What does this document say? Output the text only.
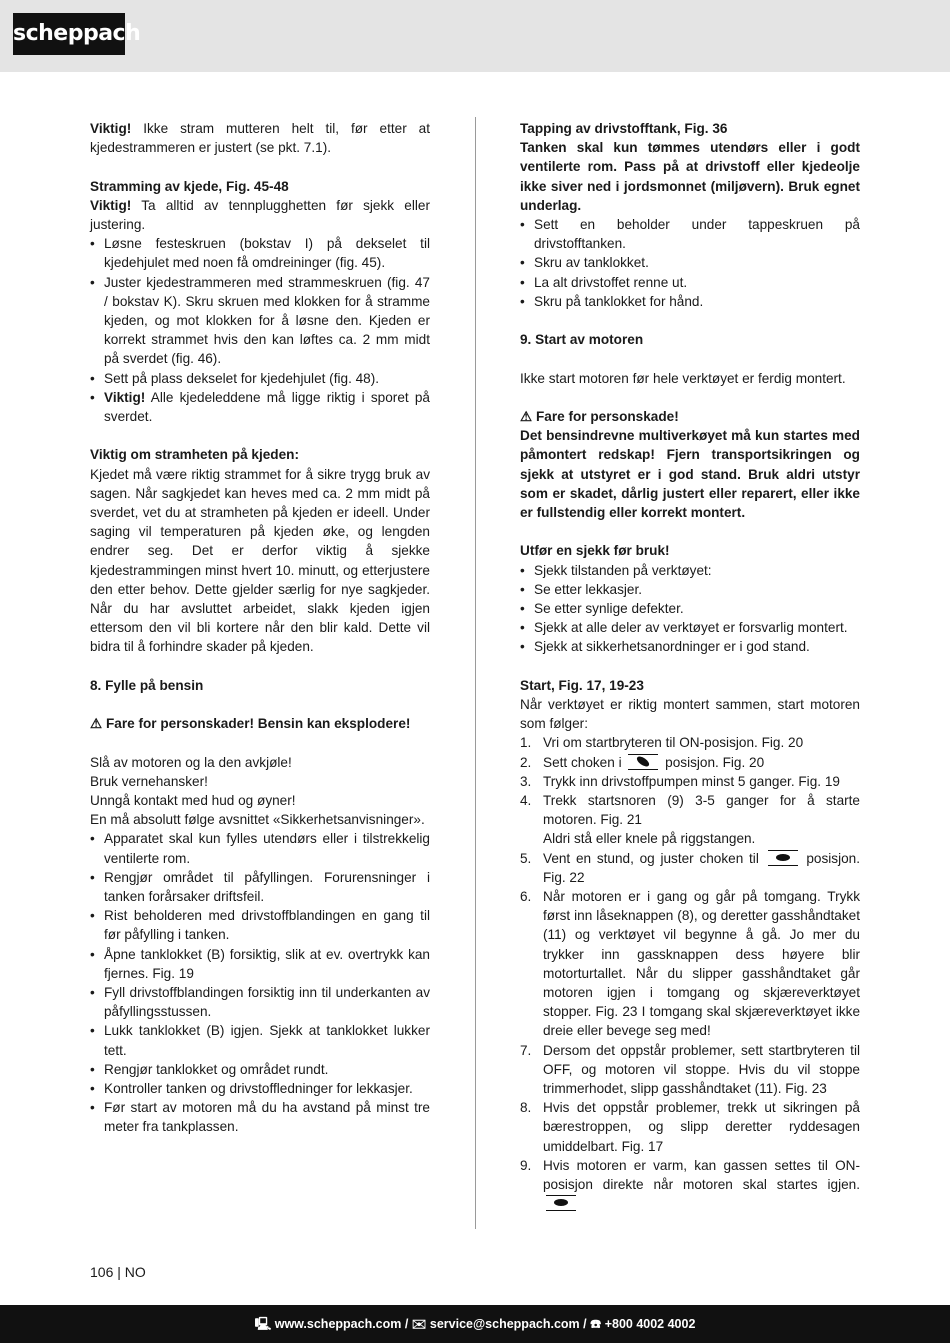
scheppach

Viktig! Ikke stram mutteren helt til, før etter at kjedestrammeren er justert (se pkt. 7.1).

Stramming av kjede, Fig. 45-48

Viktig! Ta alltid av tennplugghetten før sjekk eller justering.

• Løsne festeskruen (bokstav I) på dekselet til kjedehjulet med noen få omdreininger (fig. 45).
• Juster kjedestrammeren med strammeskruen (fig. 47 / bokstav K). Skru skruen med klokken for å stramme kjeden, og mot klokken for å løsne den. Kjeden er korrekt strammet hvis den kan løftes ca. 2 mm midt på sverdet (fig. 46).
• Sett på plass dekselet for kjedehjulet (fig. 48).
• Viktig! Alle kjedeleddene må ligge riktig i sporet på sverdet.

Viktig om stramheten på kjeden:

Kjedet må være riktig strammet for å sikre trygg bruk av sagen. Når sagkjedet kan heves med ca. 2 mm midt på sverdet, vet du at stramheten på kjeden er ideell. Under saging vil temperaturen på kjeden øke, og lengden endrer seg. Det er derfor viktig å sjekke kjedestrammingen minst hvert 10. minutt, og etterjustere den etter behov. Dette gjelder særlig for nye sagkjeder. Når du har avsluttet arbeidet, slakk kjeden igjen ettersom den vil bli kortere når den blir kald. Dette vil bidra til å forhindre skader på kjeden.

8. Fylle på bensin

⚠ Fare for personskader! Bensin kan eksplodere!

Slå av motoren og la den avkjøle!

Bruk vernehansker!

Unngå kontakt med hud og øyner!

En må absolutt følge avsnittet «Sikkerhetsanvisninger».

• Apparatet skal kun fylles utendørs eller i tilstrekkelig ventilerte rom.
• Rengjør området til påfyllingen. Forurensninger i tanken forårsaker driftsfeil.
• Rist beholderen med drivstoffblandingen en gang til før påfylling i tanken.
• Åpne tanklokket (B) forsiktig, slik at ev. overtrykk kan fjernes. Fig. 19
• Fyll drivstoffblandingen forsiktig inn til underkanten av påfyllingsstussen.
• Lukk tanklokket (B) igjen. Sjekk at tanklokket lukker tett.
• Rengjør tanklokket og området rundt.
• Kontroller tanken og drivstoffledninger for lekkasjer.
• Før start av motoren må du ha avstand på minst tre meter fra tankplassen.

Tapping av drivstofftank, Fig. 36

Tanken skal kun tømmes utendørs eller i godt ventilerte rom. Pass på at drivstoff eller kjedeolje ikke siver ned i jordsmonnet (miljøvern). Bruk egnet underlag.

• Sett en beholder under tappeskruen på drivstofftanken.
• Skru av tanklokket.
• La alt drivstoffet renne ut.
• Skru på tanklokket for hånd.

9. Start av motoren

Ikke start motoren før hele verktøyet er ferdig montert.

⚠ Fare for personskade!

Det bensindrevne multiverkøyet må kun startes med påmontert redskap! Fjern transportsikringen og sjekk at utstyret er i god stand. Bruk aldri utstyr som er skadet, dårlig justert eller reparert, eller ikke er fullstendig eller korrekt montert.

Utfør en sjekk før bruk!

• Sjekk tilstanden på verktøyet:
• Se etter lekkasjer.
• Se etter synlige defekter.
• Sjekk at alle deler av verktøyet er forsvarlig montert.
• Sjekk at sikkerhetsanordninger er i god stand.

Start, Fig. 17, 19-23

Når verktøyet er riktig montert sammen, start motoren som følger:

1. Vri om startbryteren til ON-posisjon. Fig. 20
2. Sett choken i	posisjon. Fig. 20
3. Trykk inn drivstoffpumpen minst 5 ganger. Fig. 19
4. Trekk startsnoren (9) 3-5 ganger for å starte motoren. Fig. 21
Aldri stå eller knele på riggstangen.
5. Vent en stund, og juster choken til	posisjon. Fig. 22
6. Når motoren er i gang og går på tomgang. Trykk først inn låseknappen (8), og deretter gasshåndtaket (11) og verktøyet vil begynne å gå. Jo mer du trykker inn gassknappen dess høyere blir motorturtallet. Når du slipper gasshåndtaket går motoren igjen i tomgang og skjæreverktøyet stopper. Fig. 23 I tomgang skal skjæreverktøyet ikke dreie eller bevege seg med!
7. Dersom det oppstår problemer, sett startbryteren til OFF, og motoren vil stoppe. Hvis du vil stoppe trimmerhodet, slipp gasshåndtaket (11). Fig. 23
8. Hvis det oppstår problemer, trekk ut sikringen på bærestroppen, og slipp deretter ryddesagen umiddelbart. Fig. 17
9. Hvis motoren er varm, kan gassen settes til ON-posisjon direkte når motoren skal startes igjen.
106 | NO
🖳 www.scheppach.com / ✉ service@scheppach.com / ☎ +800 4002 4002
